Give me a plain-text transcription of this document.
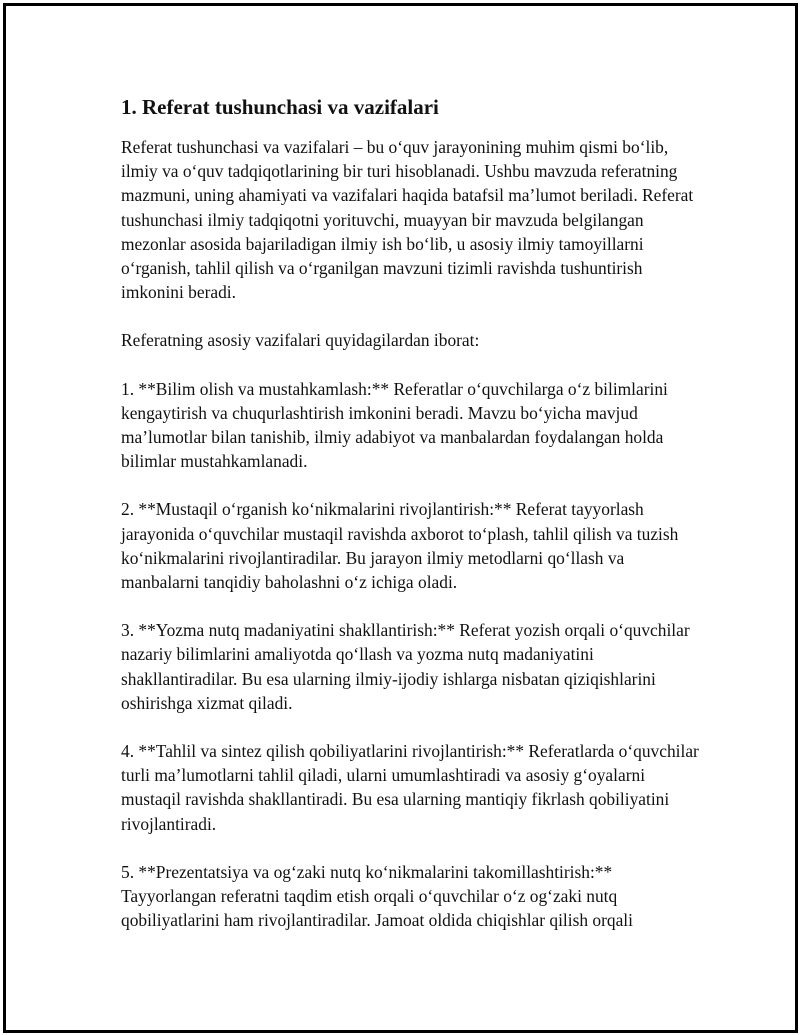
1. Referat tushunchasi va vazifalari

Referat tushunchasi va vazifalari – bu o‘quv jarayonining muhim qismi bo‘lib, ilmiy va o‘quv tadqiqotlarining bir turi hisoblanadi. Ushbu mavzuda referatning mazmuni, uning ahamiyati va vazifalari haqida batafsil ma’lumot beriladi. Referat tushunchasi ilmiy tadqiqotni yorituvchi, muayyan bir mavzuda belgilangan mezonlar asosida bajariladigan ilmiy ish bo‘lib, u asosiy ilmiy tamoyillarni o‘rganish, tahlil qilish va o‘rganilgan mavzuni tizimli ravishda tushuntirish imkonini beradi.

Referatning asosiy vazifalari quyidagilardan iborat:

1. **Bilim olish va mustahkamlash:** Referatlar o‘quvchilarga o‘z bilimlarini kengaytirish va chuqurlashtirish imkonini beradi. Mavzu bo‘yicha mavjud ma’lumotlar bilan tanishib, ilmiy adabiyot va manbalardan foydalangan holda bilimlar mustahkamlanadi.

2. **Mustaqil o‘rganish ko‘nikmalarini rivojlantirish:** Referat tayyorlash jarayonida o‘quvchilar mustaqil ravishda axborot to‘plash, tahlil qilish va tuzish ko‘nikmalarini rivojlantiradilar. Bu jarayon ilmiy metodlarni qo‘llash va manbalarni tanqidiy baholashni o‘z ichiga oladi.

3. **Yozma nutq madaniyatini shakllantirish:** Referat yozish orqali o‘quvchilar nazariy bilimlarini amaliyotda qo‘llash va yozma nutq madaniyatini shakllantiradilar. Bu esa ularning ilmiy-ijodiy ishlarga nisbatan qiziqishlarini oshirishga xizmat qiladi.

4. **Tahlil va sintez qilish qobiliyatlarini rivojlantirish:** Referatlarda o‘quvchilar turli ma’lumotlarni tahlil qiladi, ularni umumlashtiradi va asosiy g‘oyalarni mustaqil ravishda shakllantiradi. Bu esa ularning mantiqiy fikrlash qobiliyatini rivojlantiradi.

5. **Prezentatsiya va og‘zaki nutq ko‘nikmalarini takomillashtirish:** Tayyorlangan referatni taqdim etish orqali o‘quvchilar o‘z og‘zaki nutq qobiliyatlarini ham rivojlantiradilar. Jamoat oldida chiqishlar qilish orqali
